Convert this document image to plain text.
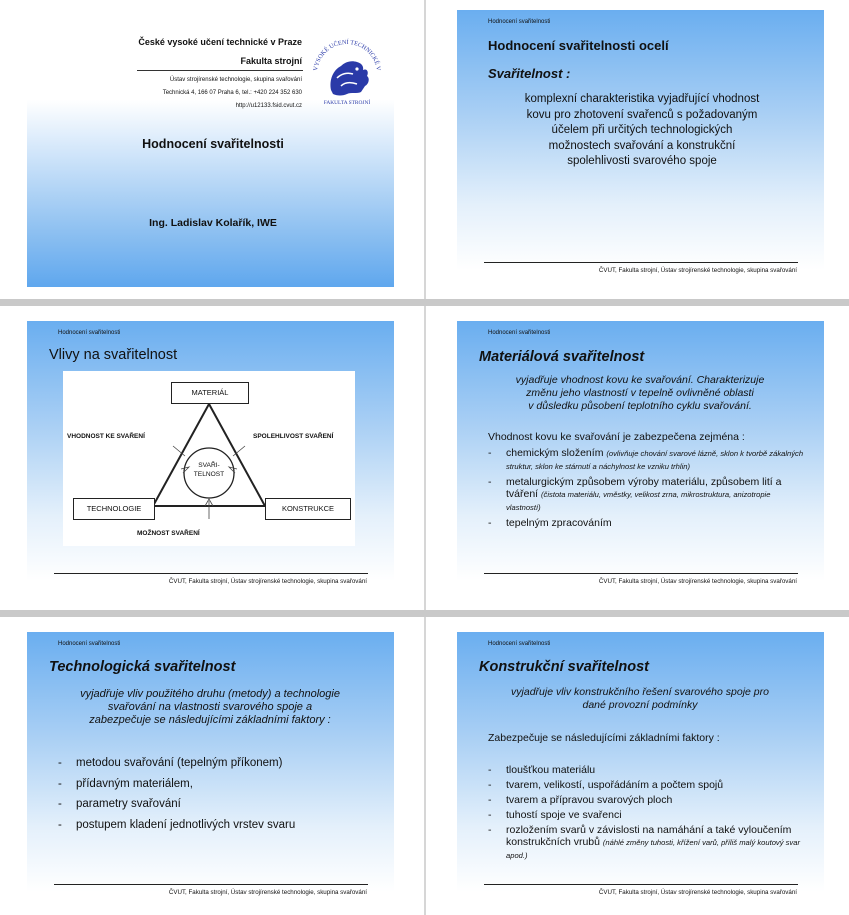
České vysoké učení technické v Praze
Fakulta strojní
Ústav strojírenské technologie, skupina svařování
Technická 4, 166 07 Praha 6, tel.: +420 224 352 630
http://u12133.fsid.cvut.cz
VYSOKÉ UČENÍ TECHNICKÉ V
FAKULTA STROJNÍ
Hodnocení svařitelnosti
Ing. Ladislav Kolařík, IWE
Hodnocení svařitelnosti
Hodnocení svařitelnosti ocelí
Svařitelnost :
komplexní charakteristika vyjadřující vhodnost
kovu pro zhotovení svařenců s požadovaným
účelem při určitých technologických
možnostech svařování a konstrukční
spolehlivosti svarového spoje
ČVUT, Fakulta strojní, Ústav strojírenské technologie, skupina svařování
Hodnocení svařitelnosti
Vlivy na svařitelnost
MATERIÁL
TECHNOLOGIE	KONSTRUKCE
SVAŘI-
TELNOST
VHODNOST KE SVAŘENÍ	SPOLEHLIVOST SVAŘENÍ
MOŽNOST SVAŘENÍ
ČVUT, Fakulta strojní, Ústav strojírenské technologie, skupina svařování
Hodnocení svařitelnosti
Materiálová svařitelnost
vyjadřuje vhodnost kovu ke svařování. Charakterizuje
změnu jeho vlastností v tepelně ovlivněné oblasti
v důsledku působení teplotního cyklu svařování.
Vhodnost kovu ke svařování je zabezpečena zejména :
- chemickým složením (ovlivňuje chování svarové lázně, sklon k tvorbě zákalných struktur, sklon ke stárnutí a náchylnost ke vzniku trhlin)
- metalurgickým způsobem výroby materiálu, způsobem lití a tváření (čistota materiálu, vměstky, velikost zrna, mikrostruktura, anizotropie vlastností)
- tepelným zpracováním
ČVUT, Fakulta strojní, Ústav strojírenské technologie, skupina svařování
Hodnocení svařitelnosti
Technologická svařitelnost
vyjadřuje vliv použitého druhu (metody) a technologie
svařování na vlastnosti svarového spoje a
zabezpečuje se následujícími základními faktory :
- metodou svařování (tepelným příkonem)
- přídavným materiálem,
- parametry svařování
- postupem kladení jednotlivých vrstev svaru
ČVUT, Fakulta strojní, Ústav strojírenské technologie, skupina svařování
Hodnocení svařitelnosti
Konstrukční svařitelnost
vyjadřuje vliv konstrukčního řešení svarového spoje pro
dané provozní podmínky
Zabezpečuje se následujícími základními faktory :
- tloušťkou materiálu
- tvarem, velikostí, uspořádáním a počtem spojů
- tvarem a přípravou svarových ploch
- tuhostí spoje ve svařenci
- rozložením svarů v závislosti na namáhání a také vyloučením konstrukčních vrubů (náhlé změny tuhosti, křížení varů, příliš malý koutový svar apod.)
ČVUT, Fakulta strojní, Ústav strojírenské technologie, skupina svařování
